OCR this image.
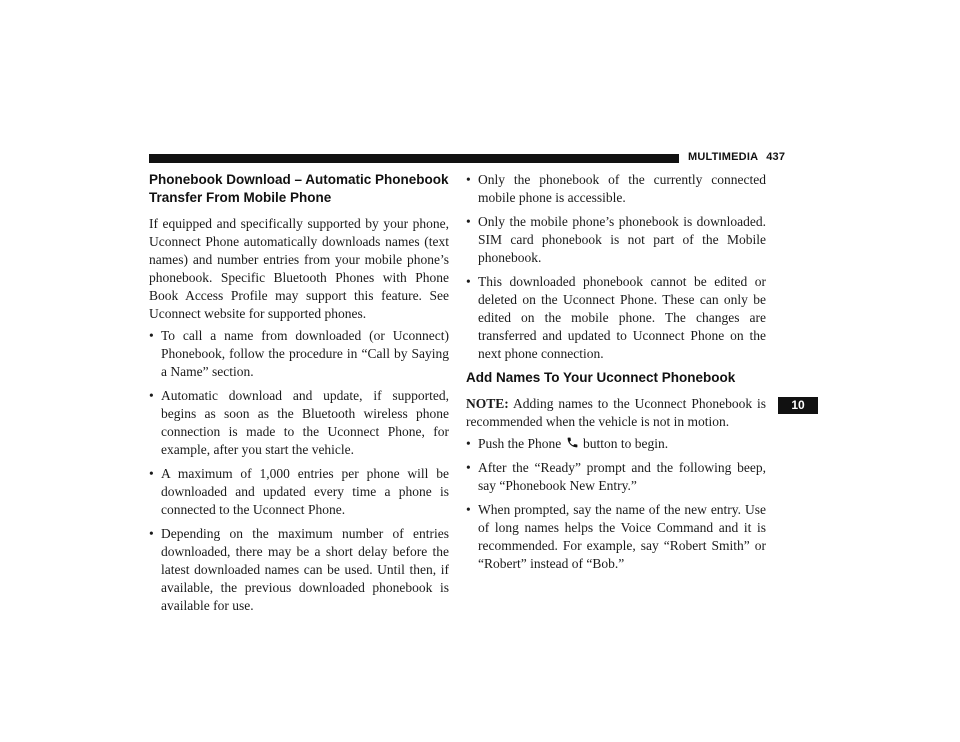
MULTIMEDIA 437
10
Phonebook Download – Automatic Phonebook
Transfer From Mobile Phone

If equipped and specifically supported by your phone, Uconnect Phone automatically downloads names (text names) and number entries from your mobile phone’s phonebook. Specific Bluetooth Phones with Phone Book Access Profile may support this feature. See Uconnect website for supported phones.

• To call a name from downloaded (or Uconnect) Phonebook, follow the procedure in “Call by Saying a Name” section.
• Automatic download and update, if supported, begins as soon as the Bluetooth wireless phone connection is made to the Uconnect Phone, for example, after you start the vehicle.
• A maximum of 1,000 entries per phone will be downloaded and updated every time a phone is connected to the Uconnect Phone.
• Depending on the maximum number of entries downloaded, there may be a short delay before the latest downloaded names can be used. Until then, if available, the previous downloaded phonebook is available for use.
• Only the phonebook of the currently connected mobile phone is accessible.
• Only the mobile phone’s phonebook is downloaded. SIM card phonebook is not part of the Mobile phonebook.
• This downloaded phonebook cannot be edited or deleted on the Uconnect Phone. These can only be edited on the mobile phone. The changes are transferred and updated to Uconnect Phone on the next phone connection.
Add Names To Your Uconnect Phonebook

NOTE: Adding names to the Uconnect Phonebook is recommended when the vehicle is not in motion.

• Push the Phone
button to begin.
• After the “Ready” prompt and the following beep, say “Phonebook New Entry.”
• When prompted, say the name of the new entry. Use of long names helps the Voice Command and it is recommended. For example, say “Robert Smith” or “Robert” instead of “Bob.”
